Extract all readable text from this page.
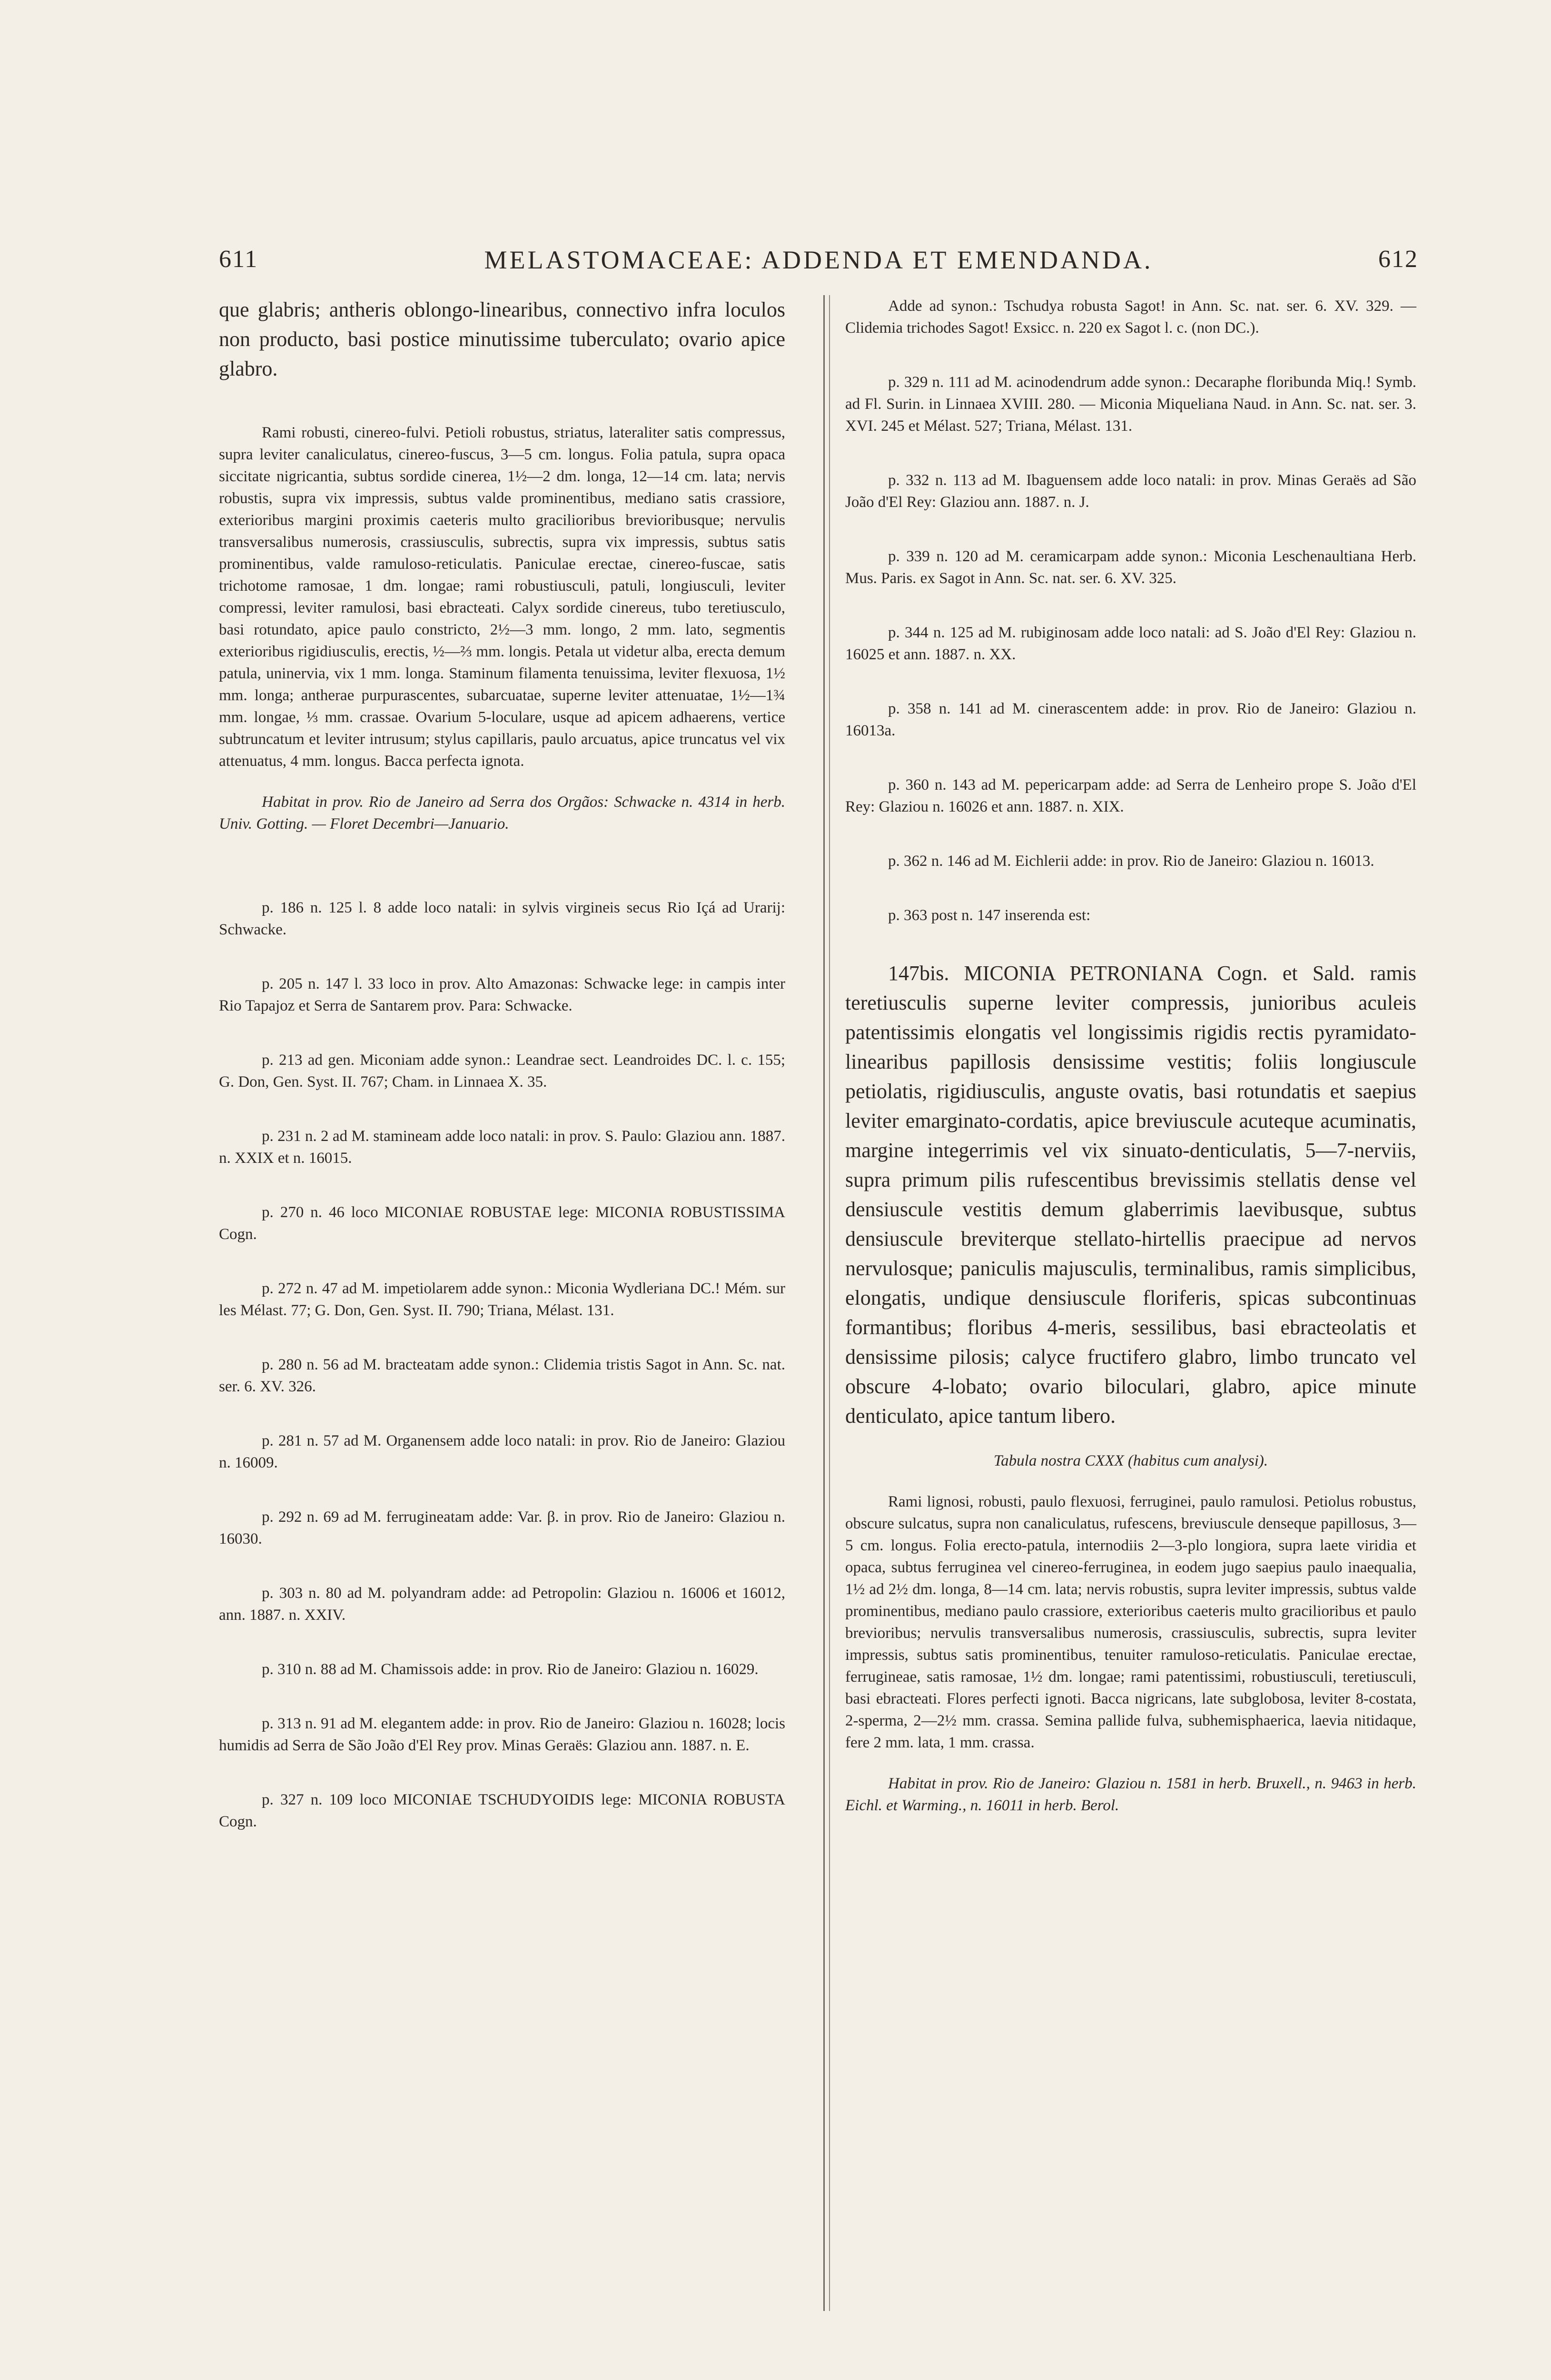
611	MELASTOMACEAE: ADDENDA ET EMENDANDA.	612

que glabris; antheris oblongo-linearibus, connectivo infra loculos non producto, basi postice minutissime tuberculato; ovario apice glabro.

Rami robusti, cinereo-fulvi. Petioli robustus, striatus, lateraliter satis compressus, supra leviter canaliculatus, cinereo-fuscus, 3—5 cm. longus. Folia patula, supra opaca siccitate nigricantia, subtus sordide cinerea, 1½—2 dm. longa, 12—14 cm. lata; nervis robustis, supra vix impressis, subtus valde prominentibus, mediano satis crassiore, exterioribus margini proximis caeteris multo gracilioribus brevioribusque; nervulis transversalibus numerosis, crassiusculis, subrectis, supra vix impressis, subtus satis prominentibus, valde ramuloso-reticulatis. Paniculae erectae, cinereo-fuscae, satis trichotome ramosae, 1 dm. longae; rami robustiusculi, patuli, longiusculi, leviter compressi, leviter ramulosi, basi ebracteati. Calyx sordide cinereus, tubo teretiusculo, basi rotundato, apice paulo constricto, 2½—3 mm. longo, 2 mm. lato, segmentis exterioribus rigidiusculis, erectis, ½—⅔ mm. longis. Petala ut videtur alba, erecta demum patula, uninervia, vix 1 mm. longa. Staminum filamenta tenuissima, leviter flexuosa, 1½ mm. longa; antherae purpurascentes, subarcuatae, superne leviter attenuatae, 1½—1¾ mm. longae, ⅓ mm. crassae. Ovarium 5-loculare, usque ad apicem adhaerens, vertice subtruncatum et leviter intrusum; stylus capillaris, paulo arcuatus, apice truncatus vel vix attenuatus, 4 mm. longus. Bacca perfecta ignota.

Habitat in prov. Rio de Janeiro ad Serra dos Orgãos: Schwacke n. 4314 in herb. Univ. Gotting. — Floret Decembri—Januario.

p. 186 n. 125 l. 8 adde loco natali: in sylvis virgineis secus Rio Içá ad Urarij: Schwacke.

p. 205 n. 147 l. 33 loco in prov. Alto Amazonas: Schwacke lege: in campis inter Rio Tapajoz et Serra de Santarem prov. Para: Schwacke.

p. 213 ad gen. Miconiam adde synon.: Leandrae sect. Leandroides DC. l. c. 155; G. Don, Gen. Syst. II. 767; Cham. in Linnaea X. 35.

p. 231 n. 2 ad M. stamineam adde loco natali: in prov. S. Paulo: Glaziou ann. 1887. n. XXIX et n. 16015.

p. 270 n. 46 loco MICONIAE ROBUSTAE lege: MICONIA ROBUSTISSIMA Cogn.

p. 272 n. 47 ad M. impetiolarem adde synon.: Miconia Wydleriana DC.! Mém. sur les Mélast. 77; G. Don, Gen. Syst. II. 790; Triana, Mélast. 131.

p. 280 n. 56 ad M. bracteatam adde synon.: Clidemia tristis Sagot in Ann. Sc. nat. ser. 6. XV. 326.

p. 281 n. 57 ad M. Organensem adde loco natali: in prov. Rio de Janeiro: Glaziou n. 16009.

p. 292 n. 69 ad M. ferrugineatam adde: Var. β. in prov. Rio de Janeiro: Glaziou n. 16030.

p. 303 n. 80 ad M. polyandram adde: ad Petropolin: Glaziou n. 16006 et 16012, ann. 1887. n. XXIV.

p. 310 n. 88 ad M. Chamissois adde: in prov. Rio de Janeiro: Glaziou n. 16029.

p. 313 n. 91 ad M. elegantem adde: in prov. Rio de Janeiro: Glaziou n. 16028; locis humidis ad Serra de São João d'El Rey prov. Minas Geraës: Glaziou ann. 1887. n. E.

p. 327 n. 109 loco MICONIAE TSCHUDYOIDIS lege: MICONIA ROBUSTA Cogn.

Adde ad synon.: Tschudya robusta Sagot! in Ann. Sc. nat. ser. 6. XV. 329. — Clidemia trichodes Sagot! Exsicc. n. 220 ex Sagot l. c. (non DC.).

p. 329 n. 111 ad M. acinodendrum adde synon.: Decaraphe floribunda Miq.! Symb. ad Fl. Surin. in Linnaea XVIII. 280. — Miconia Miqueliana Naud. in Ann. Sc. nat. ser. 3. XVI. 245 et Mélast. 527; Triana, Mélast. 131.

p. 332 n. 113 ad M. Ibaguensem adde loco natali: in prov. Minas Geraës ad São João d'El Rey: Glaziou ann. 1887. n. J.

p. 339 n. 120 ad M. ceramicarpam adde synon.: Miconia Leschenaultiana Herb. Mus. Paris. ex Sagot in Ann. Sc. nat. ser. 6. XV. 325.

p. 344 n. 125 ad M. rubiginosam adde loco natali: ad S. João d'El Rey: Glaziou n. 16025 et ann. 1887. n. XX.

p. 358 n. 141 ad M. cinerascentem adde: in prov. Rio de Janeiro: Glaziou n. 16013a.

p. 360 n. 143 ad M. pepericarpam adde: ad Serra de Lenheiro prope S. João d'El Rey: Glaziou n. 16026 et ann. 1887. n. XIX.

p. 362 n. 146 ad M. Eichlerii adde: in prov. Rio de Janeiro: Glaziou n. 16013.

p. 363 post n. 147 inserenda est:

147bis. MICONIA PETRONIANA Cogn. et Sald. ramis teretiusculis superne leviter compressis, junioribus aculeis patentissimis elongatis vel longissimis rigidis rectis pyramidato-linearibus papillosis densissime vestitis; foliis longiuscule petiolatis, rigidiusculis, anguste ovatis, basi rotundatis et saepius leviter emarginato-cordatis, apice breviuscule acuteque acuminatis, margine integerrimis vel vix sinuato-denticulatis, 5—7-nerviis, supra primum pilis rufescentibus brevissimis stellatis dense vel densiuscule vestitis demum glaberrimis laevibusque, subtus densiuscule breviterque stellato-hirtellis praecipue ad nervos nervulosque; paniculis majusculis, terminalibus, ramis simplicibus, elongatis, undique densiuscule floriferis, spicas subcontinuas formantibus; floribus 4-meris, sessilibus, basi ebracteolatis et densissime pilosis; calyce fructifero glabro, limbo truncato vel obscure 4-lobato; ovario biloculari, glabro, apice minute denticulato, apice tantum libero.

Tabula nostra CXXX (habitus cum analysi).

Rami lignosi, robusti, paulo flexuosi, ferruginei, paulo ramulosi. Petiolus robustus, obscure sulcatus, supra non canaliculatus, rufescens, breviuscule denseque papillosus, 3—5 cm. longus. Folia erecto-patula, internodiis 2—3-plo longiora, supra laete viridia et opaca, subtus ferruginea vel cinereo-ferruginea, in eodem jugo saepius paulo inaequalia, 1½ ad 2½ dm. longa, 8—14 cm. lata; nervis robustis, supra leviter impressis, subtus valde prominentibus, mediano paulo crassiore, exterioribus caeteris multo gracilioribus et paulo brevioribus; nervulis transversalibus numerosis, crassiusculis, subrectis, supra leviter impressis, subtus satis prominentibus, tenuiter ramuloso-reticulatis. Paniculae erectae, ferrugineae, satis ramosae, 1½ dm. longae; rami patentissimi, robustiusculi, teretiusculi, basi ebracteati. Flores perfecti ignoti. Bacca nigricans, late subglobosa, leviter 8-costata, 2-sperma, 2—2½ mm. crassa. Semina pallide fulva, subhemisphaerica, laevia nitidaque, fere 2 mm. lata, 1 mm. crassa.

Habitat in prov. Rio de Janeiro: Glaziou n. 1581 in herb. Bruxell., n. 9463 in herb. Eichl. et Warming., n. 16011 in herb. Berol.
